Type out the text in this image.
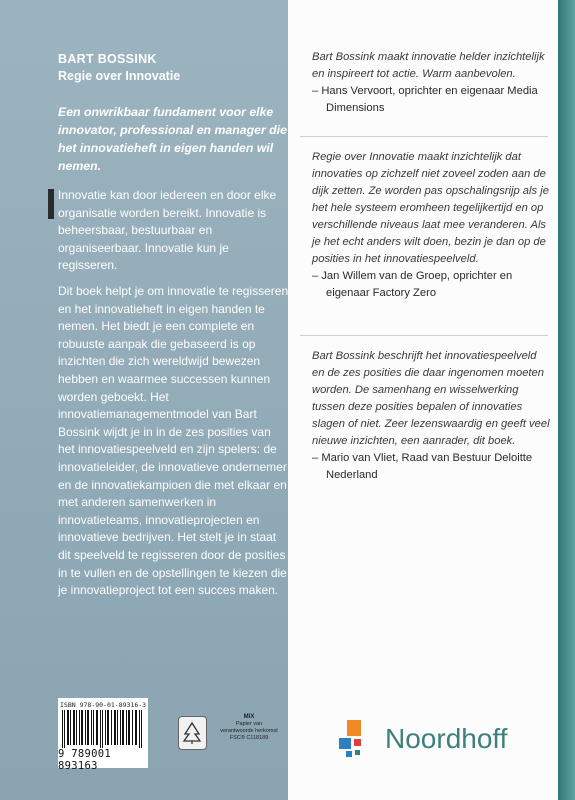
BART BOSSINK
Regie over Innovatie
Een onwrikbaar fundament voor elke innovator, professional en manager die het innovatieheft in eigen handen wil nemen.
Innovatie kan door iedereen en door elke organisatie worden bereikt. Innovatie is beheersbaar, bestuurbaar en organiseerbaar. Innovatie kun je regisseren.
Dit boek helpt je om innovatie te regisseren en het innovatieheft in eigen handen te nemen. Het biedt je een complete en robuuste aanpak die gebaseerd is op inzichten die zich wereldwijd bewezen hebben en waarmee successen kunnen worden geboekt. Het innovatiemanagementmodel van Bart Bossink wijdt je in in de zes posities van het innovatiespeelveld en zijn spelers: de innovatieleider, de innovatieve ondernemer en de innovatiekampioen die met elkaar en met anderen samenwerken in innovatieteams, innovatieprojecten en innovatieve bedrijven. Het stelt je in staat dit speelveld te regisseren door de posities in te vullen en de opstellingen te kiezen die je innovatieproject tot een succes maken.
ISBN 978-90-01-89316-3
9 789001 893163
MIX
Papier van
verantwoorde herkomst
FSC® C118189
Bart Bossink maakt innovatie helder inzichtelijk en inspireert tot actie. Warm aanbevolen.
– Hans Vervoort, oprichter en eigenaar Media Dimensions
Regie over Innovatie maakt inzichtelijk dat innovaties op zichzelf niet zoveel zoden aan de dijk zetten. Ze worden pas opschalingsrijp als je het hele systeem eromheen tegelijkertijd en op verschillende niveaus laat mee veranderen. Als je het echt anders wilt doen, bezin je dan op de posities in het innovatiespeelveld.
– Jan Willem van de Groep, oprichter en eigenaar Factory Zero
Bart Bossink beschrijft het innovatiespeelveld en de zes posities die daar ingenomen moeten worden. De samenhang en wisselwerking tussen deze posities bepalen of innovaties slagen of niet. Zeer lezenswaardig en geeft veel nieuwe inzichten, een aanrader, dit boek.
– Mario van Vliet, Raad van Bestuur Deloitte Nederland
Noordhoff
